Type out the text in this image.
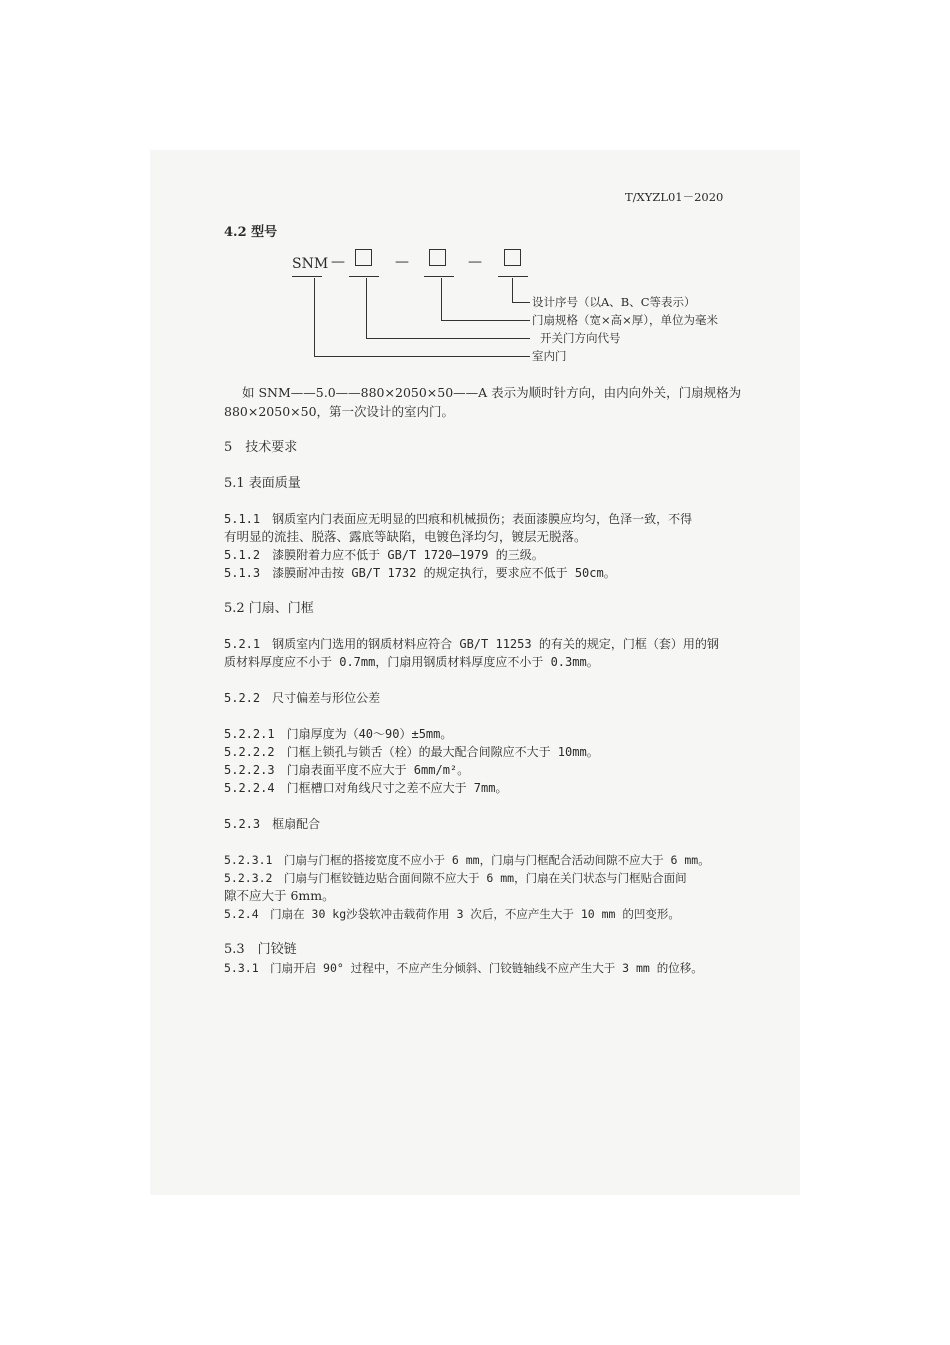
T/XYZL01－2020
4.2 型号
SNM —	—	—
设计序号（以A、B、C等表示）
门扇规格（宽×高×厚），单位为毫米
开关门方向代号
室内门
如 SNM——5.0——880×2050×50——A 表示为顺时针方向，由内向外关，门扇规格为
880×2050×50，第一次设计的室内门。
5　技术要求
5.1 表面质量
5.1.1　钢质室内门表面应无明显的凹痕和机械损伤；表面漆膜应均匀，色泽一致，不得
有明显的流挂、脱落、露底等缺陷，电镀色泽均匀，镀层无脱落。
5.1.2　漆膜附着力应不低于 GB/T 1720—1979 的三级。
5.1.3　漆膜耐冲击按 GB/T 1732 的规定执行，要求应不低于 50cm。
5.2 门扇、门框
5.2.1　钢质室内门选用的钢质材料应符合 GB/T 11253 的有关的规定，门框（套）用的钢
质材料厚度应不小于 0.7mm，门扇用钢质材料厚度应不小于 0.3mm。
5.2.2　尺寸偏差与形位公差
5.2.2.1　门扇厚度为（40～90）±5mm。
5.2.2.2　门框上锁孔与锁舌（栓）的最大配合间隙应不大于 10mm。
5.2.2.3　门扇表面平度不应大于 6mm/m²。
5.2.2.4　门框槽口对角线尺寸之差不应大于 7mm。
5.2.3　框扇配合
5.2.3.1　门扇与门框的搭接宽度不应小于 6 mm，门扇与门框配合活动间隙不应大于 6 mm。
5.2.3.2　门扇与门框铰链边贴合面间隙不应大于 6 mm，门扇在关门状态与门框贴合面间
隙不应大于 6mm。
5.2.4　门扇在 30 kg沙袋软冲击载荷作用 3 次后，不应产生大于 10 mm 的凹变形。
5.3　门铰链
5.3.1　门扇开启 90° 过程中，不应产生分倾斜、门铰链轴线不应产生大于 3 mm 的位移。
